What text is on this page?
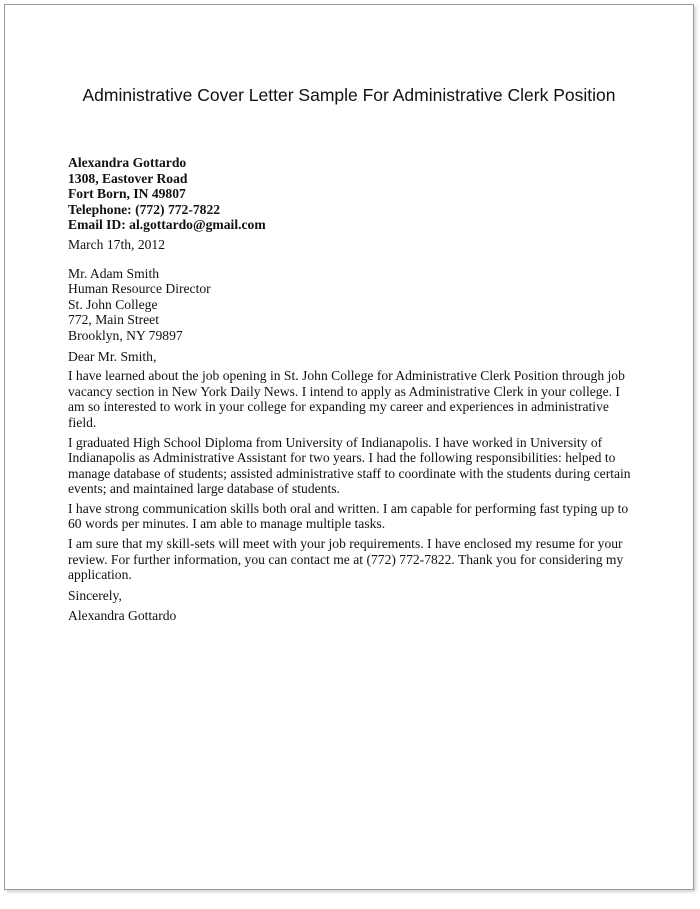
Administrative Cover Letter Sample For Administrative Clerk Position
Alexandra Gottardo
1308, Eastover Road
Fort Born, IN 49807
Telephone: (772) 772-7822
Email ID: al.gottardo@gmail.com
March 17th, 2012
Mr. Adam Smith
Human Resource Director
St. John College
772, Main Street
Brooklyn, NY 79897
Dear Mr. Smith,
I have learned about the job opening in St. John College for Administrative Clerk Position through job
vacancy section in New York Daily News. I intend to apply as Administrative Clerk in your college. I
am so interested to work in your college for expanding my career and experiences in administrative
field.
I graduated High School Diploma from University of Indianapolis. I have worked in University of
Indianapolis as Administrative Assistant for two years. I had the following responsibilities: helped to
manage database of students; assisted administrative staff to coordinate with the students during certain
events; and maintained large database of students.
I have strong communication skills both oral and written. I am capable for performing fast typing up to
60 words per minutes. I am able to manage multiple tasks.
I am sure that my skill-sets will meet with your job requirements. I have enclosed my resume for your
review. For further information, you can contact me at (772) 772-7822. Thank you for considering my
application.
Sincerely,
Alexandra Gottardo
